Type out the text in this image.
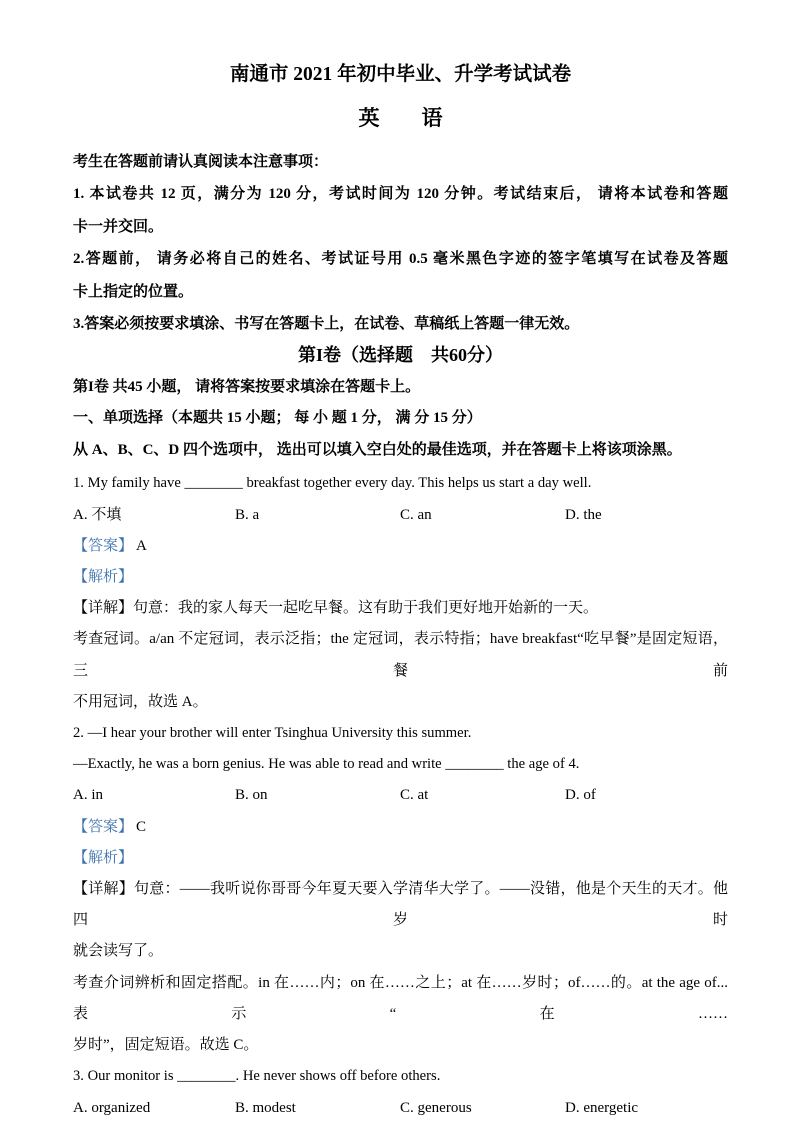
南通市 2021 年初中毕业、升学考试试卷
英　　语

考生在答题前请认真阅读本注意事项：

1. 本试卷共 12 页，满分为 120 分，考试时间为 120 分钟。考试结束后， 请将本试卷和答题

卡一并交回。

2.答题前， 请务必将自己的姓名、考试证号用 0.5 毫米黑色字迹的签字笔填写在试卷及答题

卡上指定的位置。

3.答案必须按要求填涂、书写在答题卡上，在试卷、草稿纸上答题一律无效。

第I卷（选择题　共60分）

第I卷 共45 小题， 请将答案按要求填涂在答题卡上。

一、单项选择（本题共 15 小题； 每 小 题 1 分， 满 分 15 分）

从 A、B、C、D 四个选项中， 选出可以填入空白处的最佳选项，并在答题卡上将该项涂黑。

1. My family have ________ breakfast together every day. This helps us start a day well.

A. 不填	B. a	C. an	D. the

【答案】 A

【解析】

【详解】句意：我的家人每天一起吃早餐。这有助于我们更好地开始新的一天。

考查冠词。a/an 不定冠词，表示泛指；the 定冠词，表示特指；have breakfast“吃早餐”是固定短语，三餐前

不用冠词，故选 A。

2. —I hear your brother will enter Tsinghua University this summer.

—Exactly, he was a born genius. He was able to read and write ________ the age of 4.

A. in	B. on	C. at	D. of

【答案】 C

【解析】

【详解】句意：——我听说你哥哥今年夏天要入学清华大学了。——没错，他是个天生的天才。他四岁时

就会读写了。

考查介词辨析和固定搭配。in 在……内；on 在……之上；at 在……岁时；of……的。at the age of...表示“在……

岁时”，固定短语。故选 C。

3. Our monitor is ________. He never shows off before others.

A. organized	B. modest	C. generous	D. energetic
